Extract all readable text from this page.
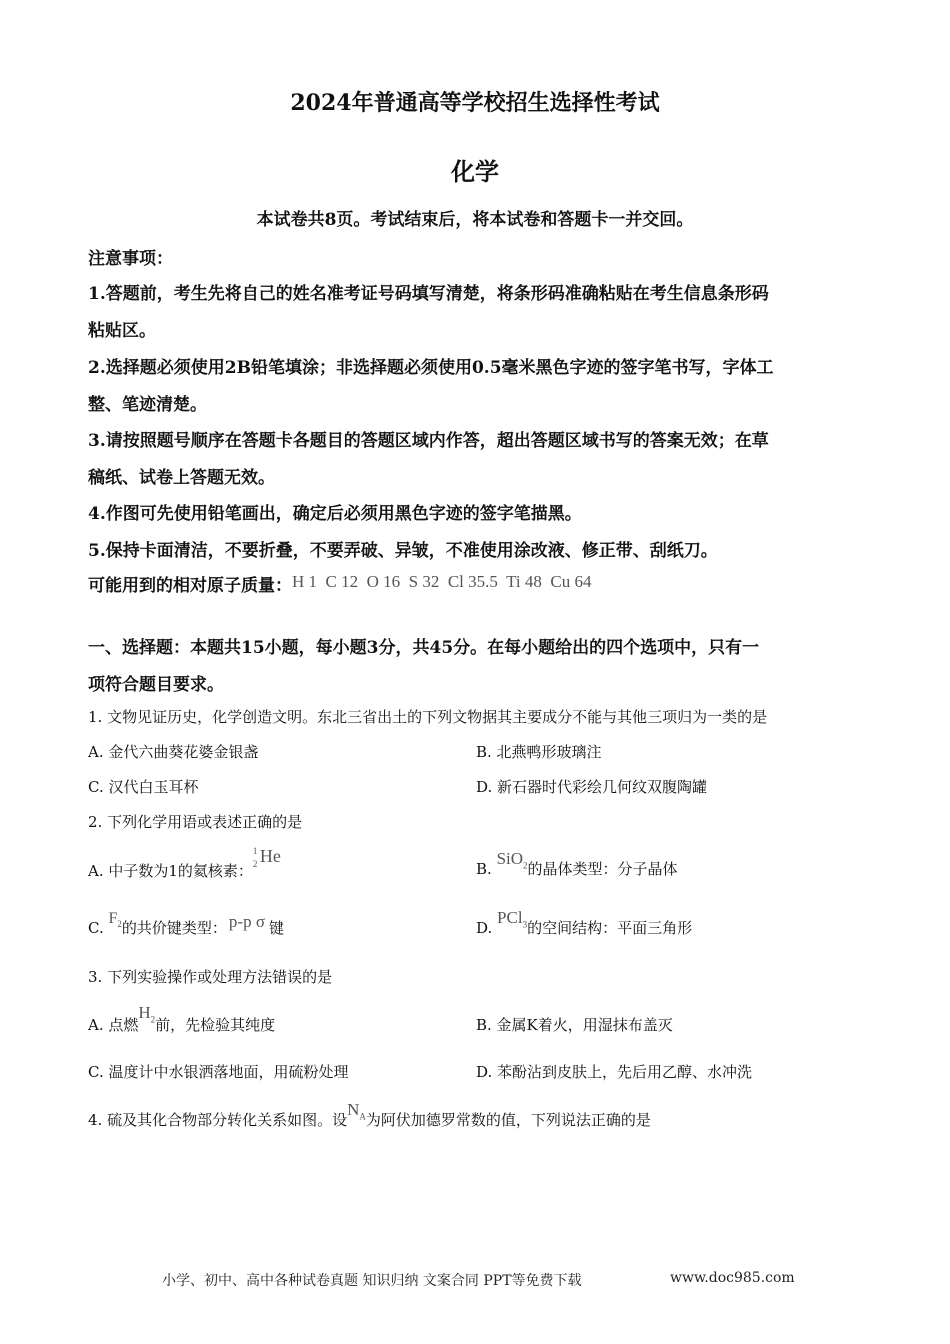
2024年普通高等学校招生选择性考试
化学
本试卷共8页。考试结束后，将本试卷和答题卡一并交回。
注意事项：
1.答题前，考生先将自己的姓名准考证号码填写清楚，将条形码准确粘贴在考生信息条形码
粘贴区。
2.选择题必须使用2B铅笔填涂；非选择题必须使用0.5毫米黑色字迹的签字笔书写，字体工
整、笔迹清楚。
3.请按照题号顺序在答题卡各题目的答题区域内作答，超出答题区域书写的答案无效；在草
稿纸、试卷上答题无效。
4.作图可先使用铅笔画出，确定后必须用黑色字迹的签字笔描黑。
5.保持卡面清洁，不要折叠，不要弄破、异皱，不准使用涂改液、修正带、刮纸刀。
可能用到的相对原子质量：H 1  C 12  O 16  S 32  Cl 35.5  Ti 48  Cu 64
一、选择题：本题共15小题，每小题3分，共45分。在每小题给出的四个选项中，只有一
项符合题目要求。
1. 文物见证历史，化学创造文明。东北三省出土的下列文物据其主要成分不能与其他三项归为一类的是
A. 金代六曲葵花婆金银盏	B. 北燕鸭形玻璃注
C. 汉代白玉耳杯	D. 新石器时代彩绘几何纹双腹陶罐
2. 下列化学用语或表述正确的是
A. 中子数为1的氦核素：
1
2 He
B. SiO$_2$的晶体类型：分子晶体
C. $F_2$的共价键类型： p-p σ 键	D. PCl$_3$的空间结构：平面三角形
3. 下列实验操作或处理方法错误的是
A. 点燃$H_2$前，先检验其纯度	B. 金属K着火，用湿抹布盖灭
C. 温度计中水银洒落地面，用硫粉处理	D. 苯酚沾到皮肤上，先后用乙醇、水冲洗
4. 硫及其化合物部分转化关系如图。设$N_A$为阿伏加德罗常数的值，下列说法正确的是
小学、初中、高中各种试卷真题 知识归纳 文案合同 PPT等免费下载	www.doc985.com
